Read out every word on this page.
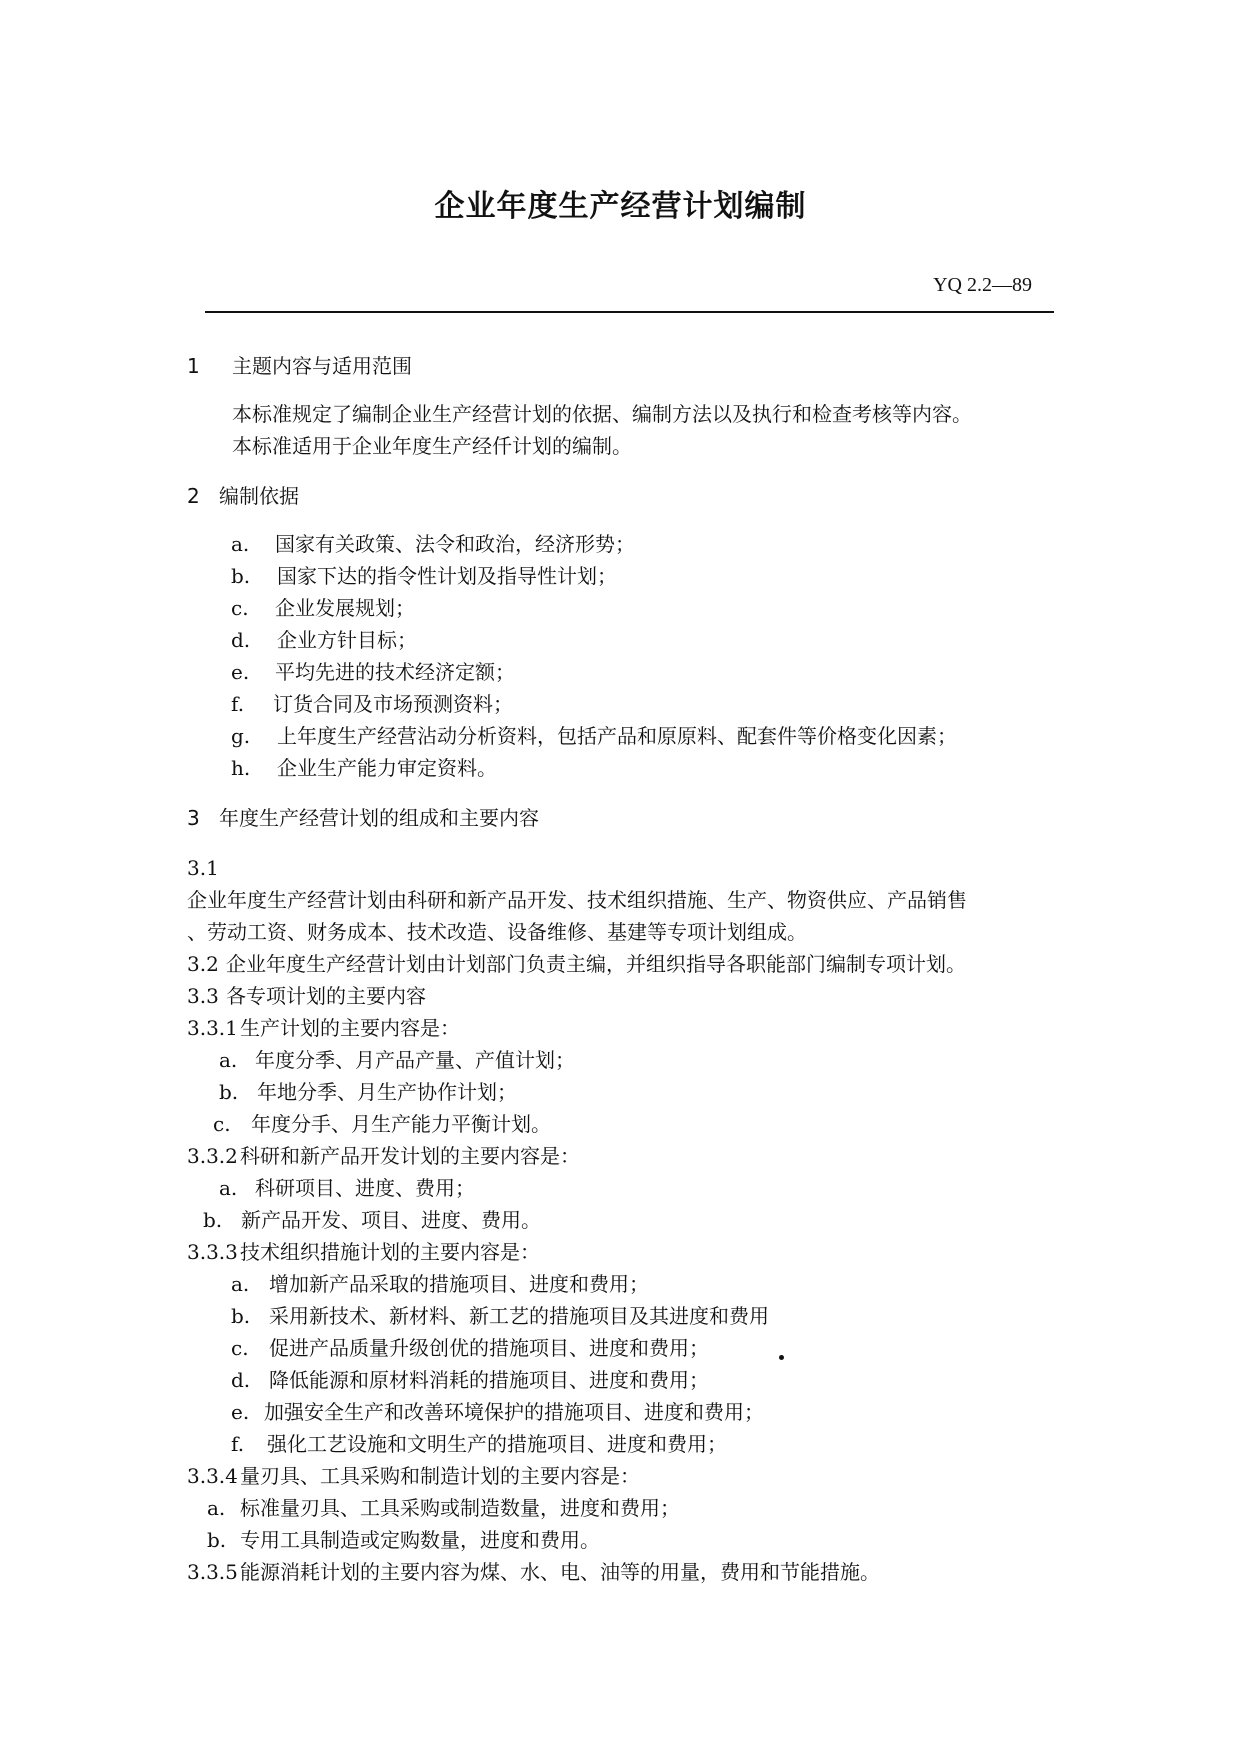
企业年度生产经营计划编制
YQ 2.2—89
1 主题内容与适用范围
本标准规定了编制企业生产经营计划的依据、编制方法以及执行和检查考核等内容。
本标准适用于企业年度生产经仟计划的编制。
2 编制依据
a. 国家有关政策、法令和政治，经济形势；
b. 国家下达的指令性计划及指导性计划；
c. 企业发展规划；
d. 企业方针目标；
e. 平均先进的技术经济定额；
f. 订货合同及市场预测资料；
g. 上年度生产经营沾动分析资料，包括产品和原原料、配套件等价格变化因素；
h. 企业生产能力审定资料。
3 年度生产经营计划的组成和主要内容
3.1
企业年度生产经营计划由科研和新产品开发、技术组织措施、生产、物资供应、产品销售
、劳动工资、财务成本、技术改造、设备维修、基建等专项计划组成。
3.2 企业年度生产经营计划由计划部门负责主编，并组织指导各职能部门编制专项计划。
3.3 各专项计划的主要内容
3.3.1 生产计划的主要内容是：
a. 年度分季、月产品产量、产值计划；
b. 年地分季、月生产协作计划；
c. 年度分手、月生产能力平衡计划。
3.3.2 科研和新产品开发计划的主要内容是：
a. 科研项目、进度、费用；
b. 新产品开发、项目、进度、费用。
3.3.3 技术组织措施计划的主要内容是：
a. 增加新产品采取的措施项目、进度和费用；
b. 采用新技术、新材料、新工艺的措施项目及其进度和费用
c. 促进产品质量升级创优的措施项目、进度和费用；
d. 降低能源和原材料消耗的措施项目、进度和费用；
e. 加强安全生产和改善环境保护的措施项目、进度和费用；
f. 强化工艺设施和文明生产的措施项目、进度和费用；
3.3.4 量刃具、工具采购和制造计划的主要内容是：
a. 标准量刃具、工具采购或制造数量，进度和费用；
b. 专用工具制造或定购数量，进度和费用。
3.3.5 能源消耗计划的主要内容为煤、水、电、油等的用量，费用和节能措施。
